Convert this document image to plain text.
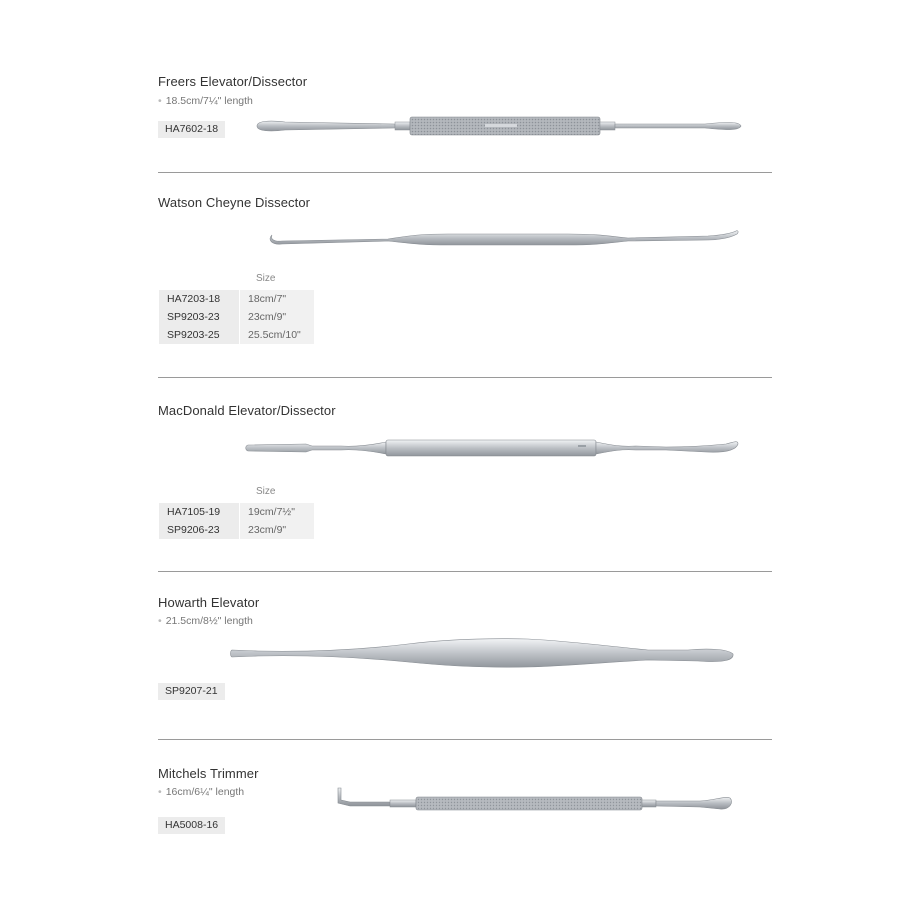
Freers Elevator/Dissector
• 18.5cm/7¼" length
HA7602-18
Watson Cheyne Dissector
Size
HA7203-18	18cm/7"
SP9203-23	23cm/9"
SP9203-25	25.5cm/10"
MacDonald Elevator/Dissector
Size
HA7105-19	19cm/7½"
SP9206-23	23cm/9"
Howarth Elevator
• 21.5cm/8½" length
SP9207-21
Mitchels Trimmer
• 16cm/6¼" length
HA5008-16
